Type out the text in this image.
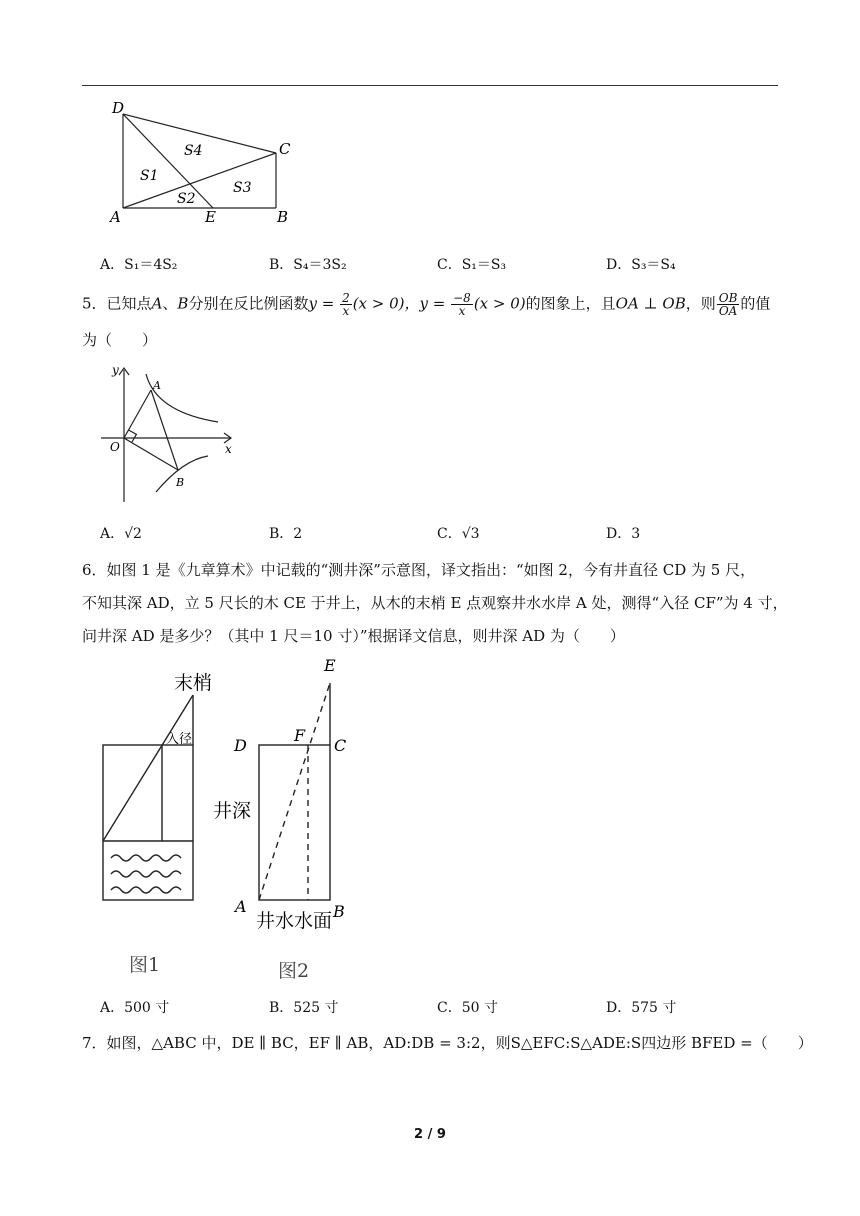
D
C
A	E	B
S1
S2
S3
S4
A．S₁＝4S₂	B．S₄＝3S₂	C．S₁＝S₃	D．S₃＝S₄
5．已知点A、B分别在反比例函数$y = \frac{2}{x} (x > 0)$，$y = \frac{-8}{x} (x > 0)$的图象上，且OA ⊥ OB，则 $\frac{OB}{OA}$ 的值
为（　　）
y
A
O	x
B
A．√2	B．2	C．√3	D．3
6．如图 1 是《九章算术》中记载的“测井深”示意图，译文指出：“如图 2，今有井直径 CD 为 5 尺，
不知其深 AD，立 5 尺长的木 CE 于井上，从木的末梢 E 点观察井水水岸 A 处，测得“入径 CF”为 4 寸，
问井深 AD 是多少？（其中 1 尺＝10 寸）”根据译文信息，则井深 AD 为（　　）
末梢
入径
图1
E
D
F
C
井深
A	B
井水水面
图2
A．500 寸	B．525 寸	C．50 寸	D．575 寸
7．如图，△ABC 中，DE ∥ BC，EF ∥ AB，AD:DB = 3:2，则S△EFC:S△ADE:S四边形 BFED =（　　）
2 / 9
